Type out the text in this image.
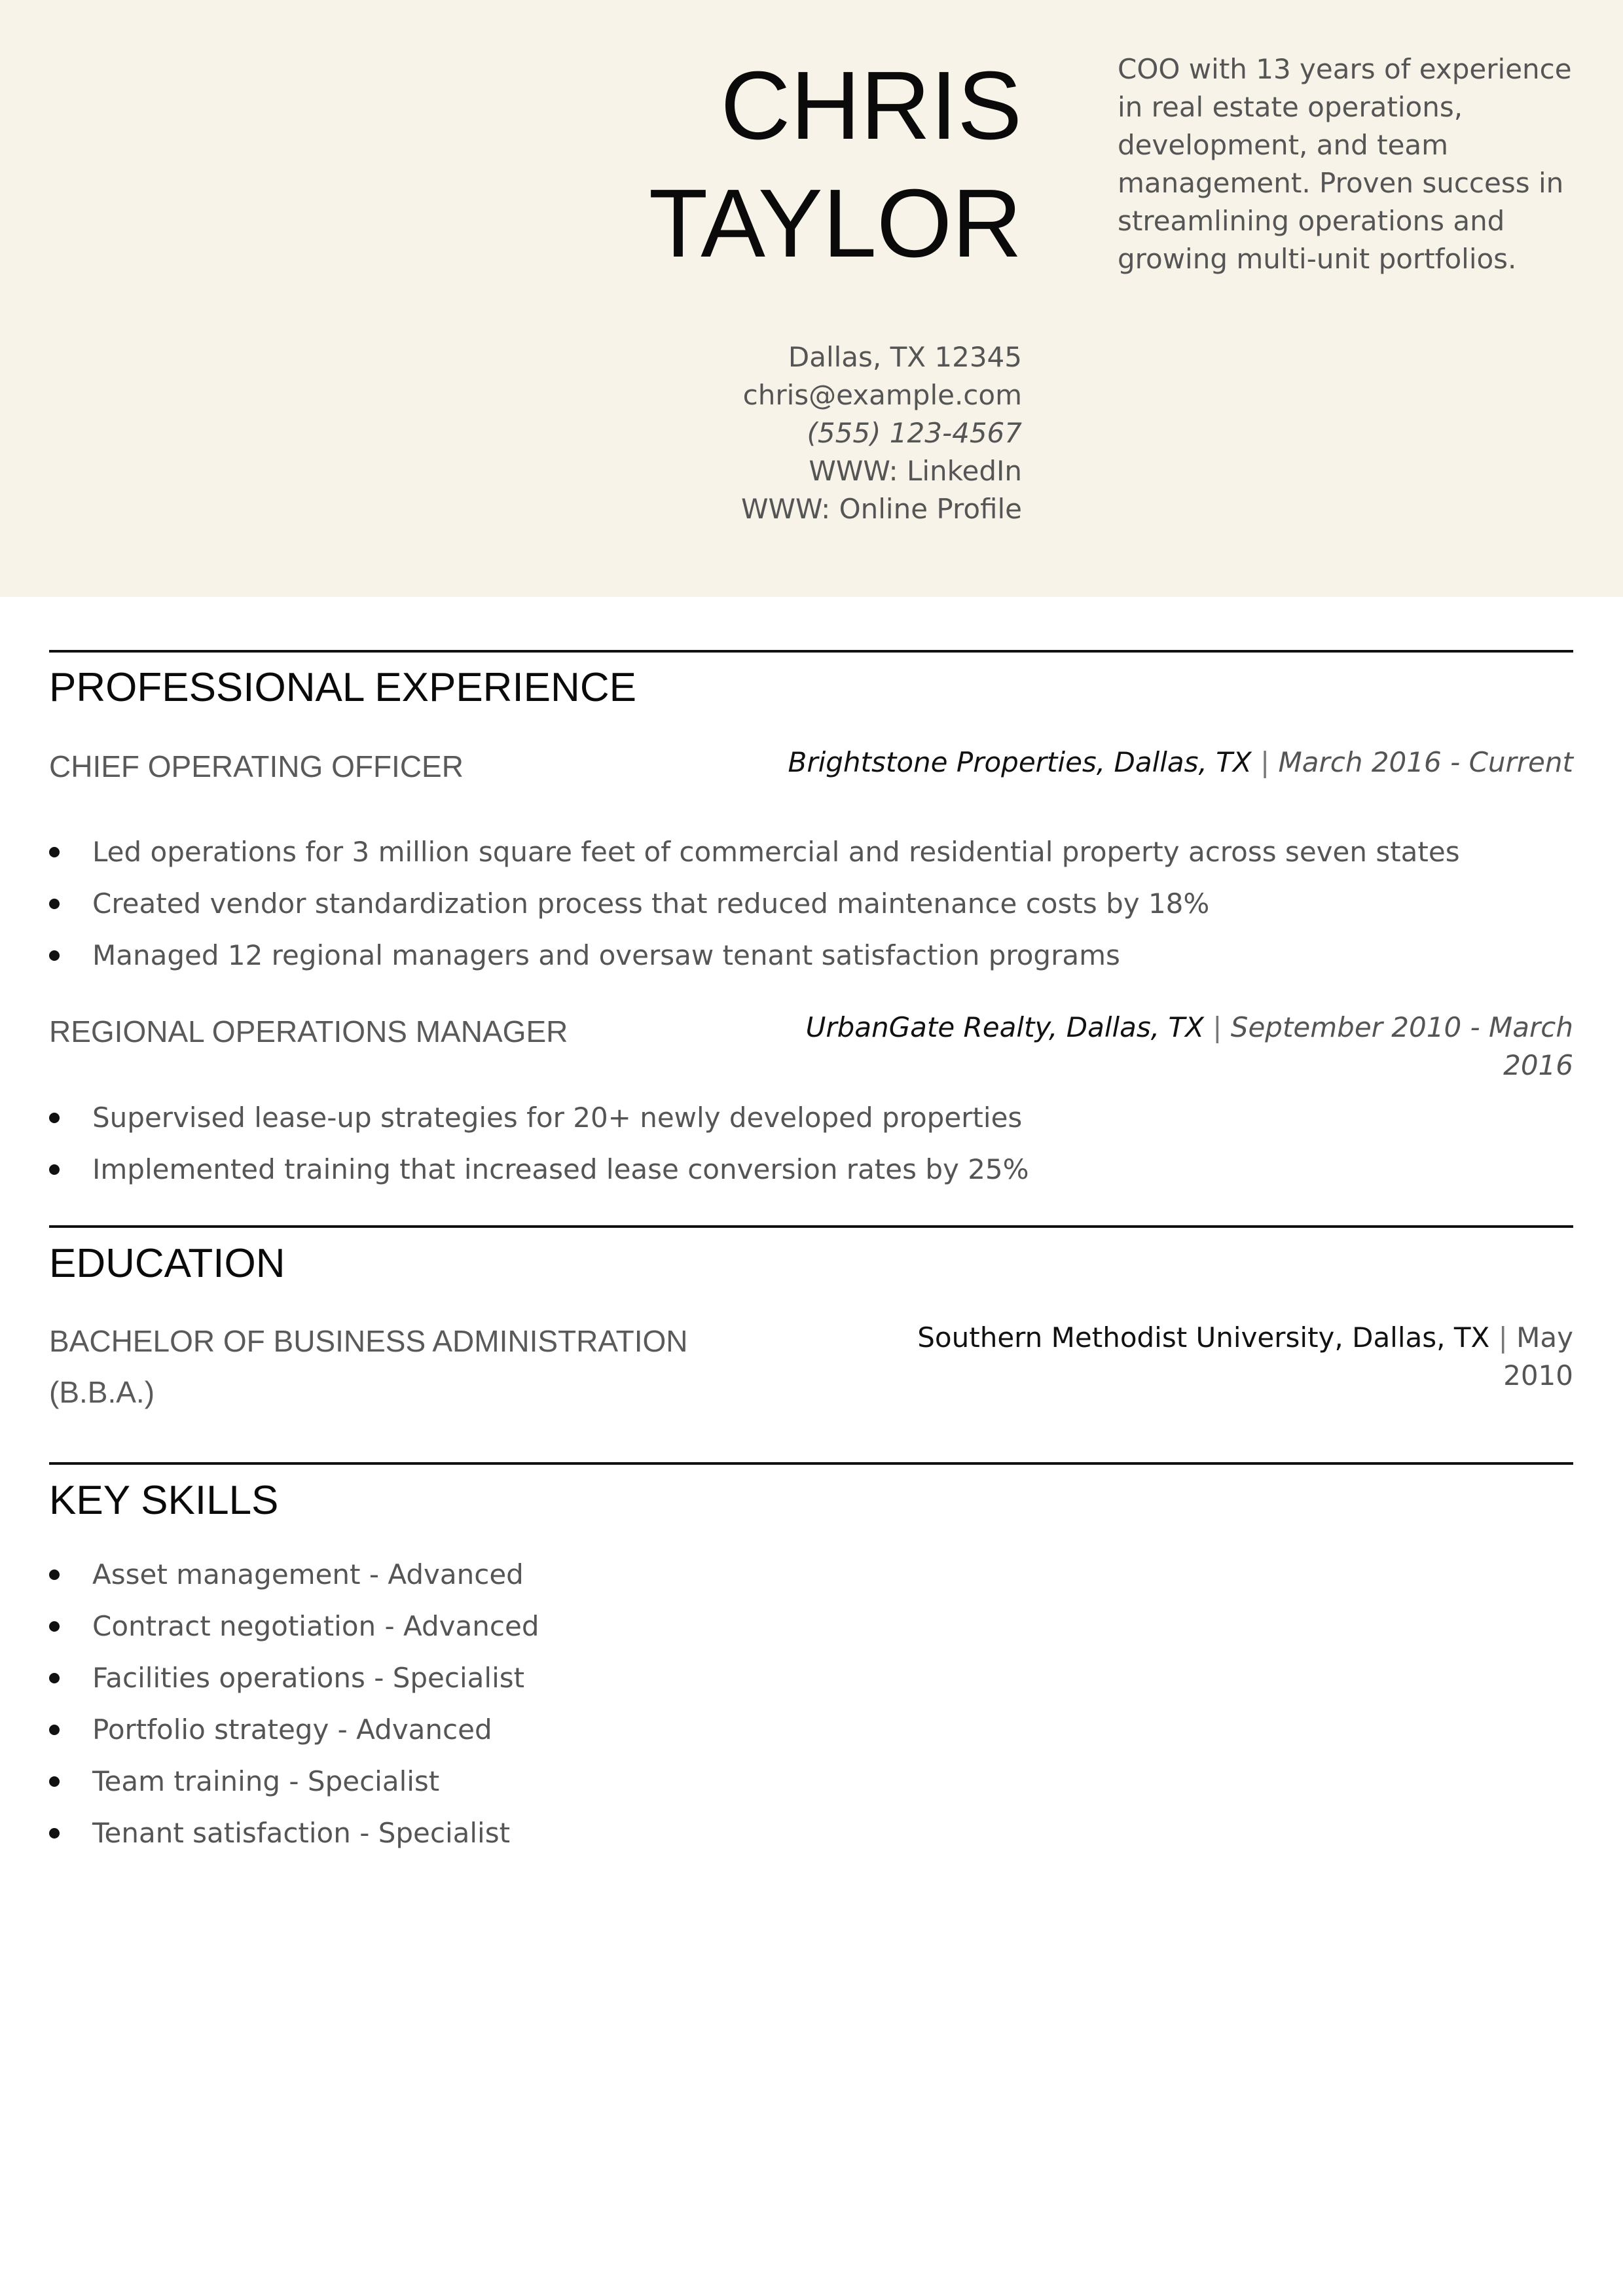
CHRIS
TAYLOR
COO with 13 years of experience in real estate operations, development, and team management. Proven success in streamlining operations and growing multi-unit portfolios.
Dallas, TX 12345
chris@example.com
(555) 123-4567
WWW: LinkedIn
WWW: Online Profile
PROFESSIONAL EXPERIENCE
CHIEF OPERATING OFFICER	Brightstone Properties, Dallas, TX | March 2016 - Current
Led operations for 3 million square feet of commercial and residential property across seven states
Created vendor standardization process that reduced maintenance costs by 18%
Managed 12 regional managers and oversaw tenant satisfaction programs
REGIONAL OPERATIONS MANAGER	UrbanGate Realty, Dallas, TX | September 2010 - March 2016
Supervised lease-up strategies for 20+ newly developed properties
Implemented training that increased lease conversion rates by 25%
EDUCATION
BACHELOR OF BUSINESS ADMINISTRATION
(B.B.A.)
Southern Methodist University, Dallas, TX | May 2010
KEY SKILLS
Asset management - Advanced
Contract negotiation - Advanced
Facilities operations - Specialist
Portfolio strategy - Advanced
Team training - Specialist
Tenant satisfaction - Specialist
